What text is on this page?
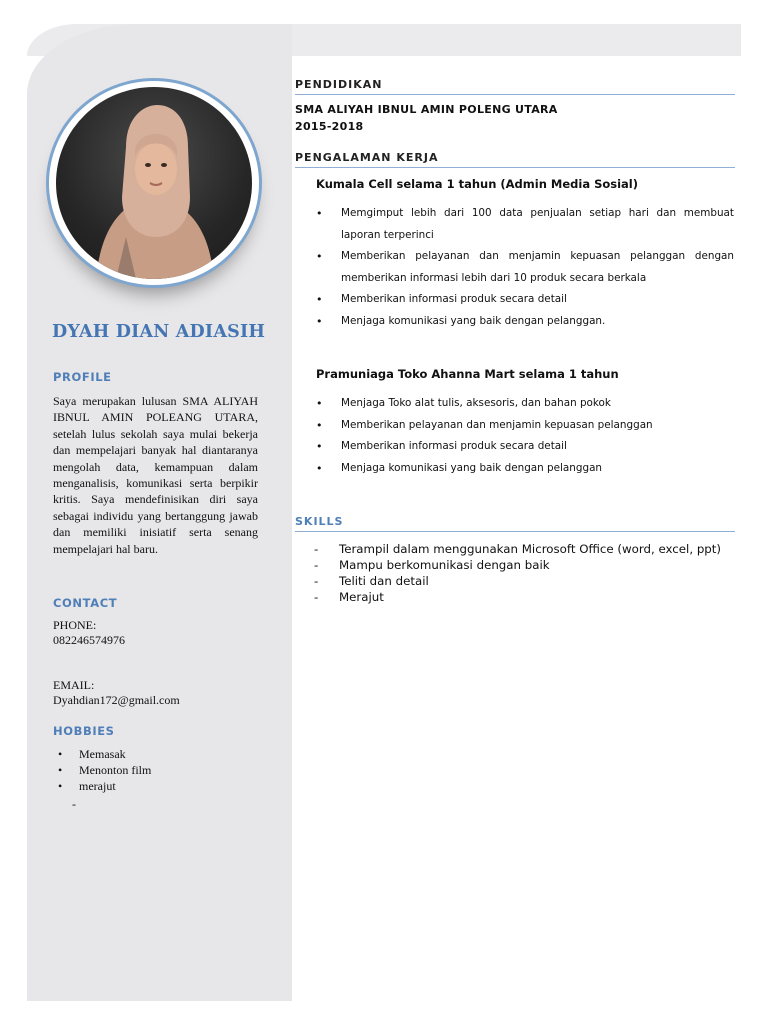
DYAH DIAN ADIASIH
PROFILE
Saya merupakan lulusan SMA ALIYAH IBNUL AMIN POLEANG UTARA, setelah lulus sekolah saya mulai bekerja dan mempelajari banyak hal diantaranya mengolah data, kemampuan dalam menganalisis, komunikasi serta berpikir kritis. Saya mendefinisikan diri saya sebagai individu yang bertanggung jawab dan memiliki inisiatif serta senang mempelajari hal baru.
CONTACT
PHONE:
082246574976
EMAIL:
Dyahdian172@gmail.com
HOBBIES
• Memasak
• Menonton film
• merajut
-
PENDIDIKAN
SMA ALIYAH IBNUL AMIN POLENG UTARA
2015-2018
PENGALAMAN KERJA
Kumala Cell selama 1 tahun (Admin Media Sosial)
• Memgimput lebih dari 100 data penjualan setiap hari dan membuat laporan terperinci
• Memberikan pelayanan dan menjamin kepuasan pelanggan dengan memberikan informasi lebih dari 10 produk secara berkala
• Memberikan informasi produk secara detail
• Menjaga komunikasi yang baik dengan pelanggan.
Pramuniaga Toko Ahanna Mart selama 1 tahun
• Menjaga Toko alat tulis, aksesoris, dan bahan pokok
• Memberikan pelayanan dan menjamin kepuasan pelanggan
• Memberikan informasi produk secara detail
• Menjaga komunikasi yang baik dengan pelanggan
SKILLS
- Terampil dalam menggunakan Microsoft Office (word, excel, ppt)
- Mampu berkomunikasi dengan baik
- Teliti dan detail
- Merajut
